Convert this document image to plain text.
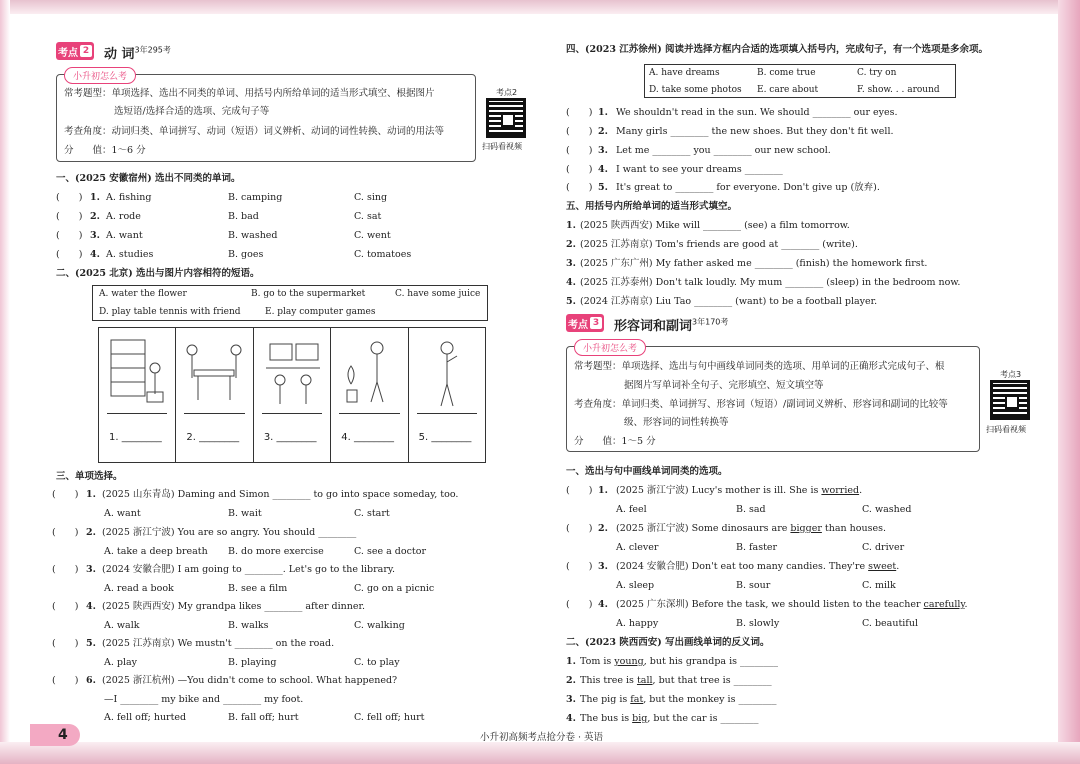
考点 2 动 词$^{3年295考}$
小升初怎么考
常考题型：单项选择、选出不同类的单词、用括号内所给单词的适当形式填空、根据图片
选短语/选择合适的选项、完成句子等
考查角度：动词归类、单词拼写、动词（短语）词义辨析、动词的词性转换、动词的用法等
分　　值：1～6 分
考点2
扫码看视频
一、(2025 安徽宿州) 选出不同类的单词。
(　　) 1. A. fishing	B. camping	C. sing
(　　) 2. A. rode	B. bad	C. sat
(　　) 3. A. want	B. washed	C. went
(　　) 4. A. studies	B. goes	C. tomatoes
二、(2025 北京) 选出与图片内容相符的短语。
A. water the flower	B. go to the supermarket	C. have some juice
D. play table tennis with friend	E. play computer games
1. ________ 2. ________ 3. ________ 4. ________ 5. ________
三、单项选择。
(　　) 1. (2025 山东青岛) Daming and Simon ________ to go into space someday, too.
A. want	B. wait	C. start
(　　) 2. (2025 浙江宁波) You are so angry. You should ________
A. take a deep breath B. do more exercise	C. see a doctor
(　　) 3. (2024 安徽合肥) I am going to ________. Let's go to the library.
A. read a book	B. see a film	C. go on a picnic
(　　) 4. (2025 陕西西安) My grandpa likes ________ after dinner.
A. walk	B. walks	C. walking
(　　) 5. (2025 江苏南京) We mustn't ________ on the road.
A. play	B. playing	C. to play
(　　) 6. (2025 浙江杭州) —You didn't come to school. What happened?
—I ________ my bike and ________ my foot.
A. fell off; hurted	B. fall off; hurt	C. fell off; hurt
4
四、(2023 江苏徐州) 阅读并选择方框内合适的选项填入括号内，完成句子，有一个选项是多余项。
A. have dreams	B. come true	C. try on
D. take some photos E. care about	F. show. . . around
(　　) 1. We shouldn't read in the sun. We should ________ our eyes.
(　　) 2. Many girls ________ the new shoes. But they don't fit well.
(　　) 3. Let me ________ you ________ our new school.
(　　) 4. I want to see your dreams ________
(　　) 5. It's great to ________ for everyone. Don't give up (放弃).
五、用括号内所给单词的适当形式填空。
1. (2025 陕西西安) Mike will ________ (see) a film tomorrow.
2. (2025 江苏南京) Tom's friends are good at ________ (write).
3. (2025 广东广州) My father asked me ________ (finish) the homework first.
4. (2025 江苏泰州) Don't talk loudly. My mum ________ (sleep) in the bedroom now.
5. (2024 江苏南京) Liu Tao ________ (want) to be a football player.
考点 3 形容词和副词$^{3年170考}$
小升初怎么考
常考题型：单项选择、选出与句中画线单词同类的选项、用单词的正确形式完成句子、根
据图片写单词补全句子、完形填空、短文填空等
考查角度：单词归类、单词拼写、形容词（短语）/副词词义辨析、形容词和副词的比较等
级、形容词的词性转换等
分　　值：1～5 分
考点3
扫码看视频
一、选出与句中画线单词同类的选项。
(　　) 1. (2025 浙江宁波) Lucy's mother is ill. She is worried.
A. feel	B. sad	C. washed
(　　) 2. (2025 浙江宁波) Some dinosaurs are bigger than houses.
A. clever	B. faster	C. driver
(　　) 3. (2024 安徽合肥) Don't eat too many candies. They're sweet.
A. sleep	B. sour	C. milk
(　　) 4. (2025 广东深圳) Before the task, we should listen to the teacher carefully.
A. happy	B. slowly	C. beautiful
二、(2023 陕西西安) 写出画线单词的反义词。
1. Tom is young, but his grandpa is ________
2. This tree is tall, but that tree is ________
3. The pig is fat, but the monkey is ________
4. The bus is big, but the car is ________
小升初高频考点抢分卷 · 英语
